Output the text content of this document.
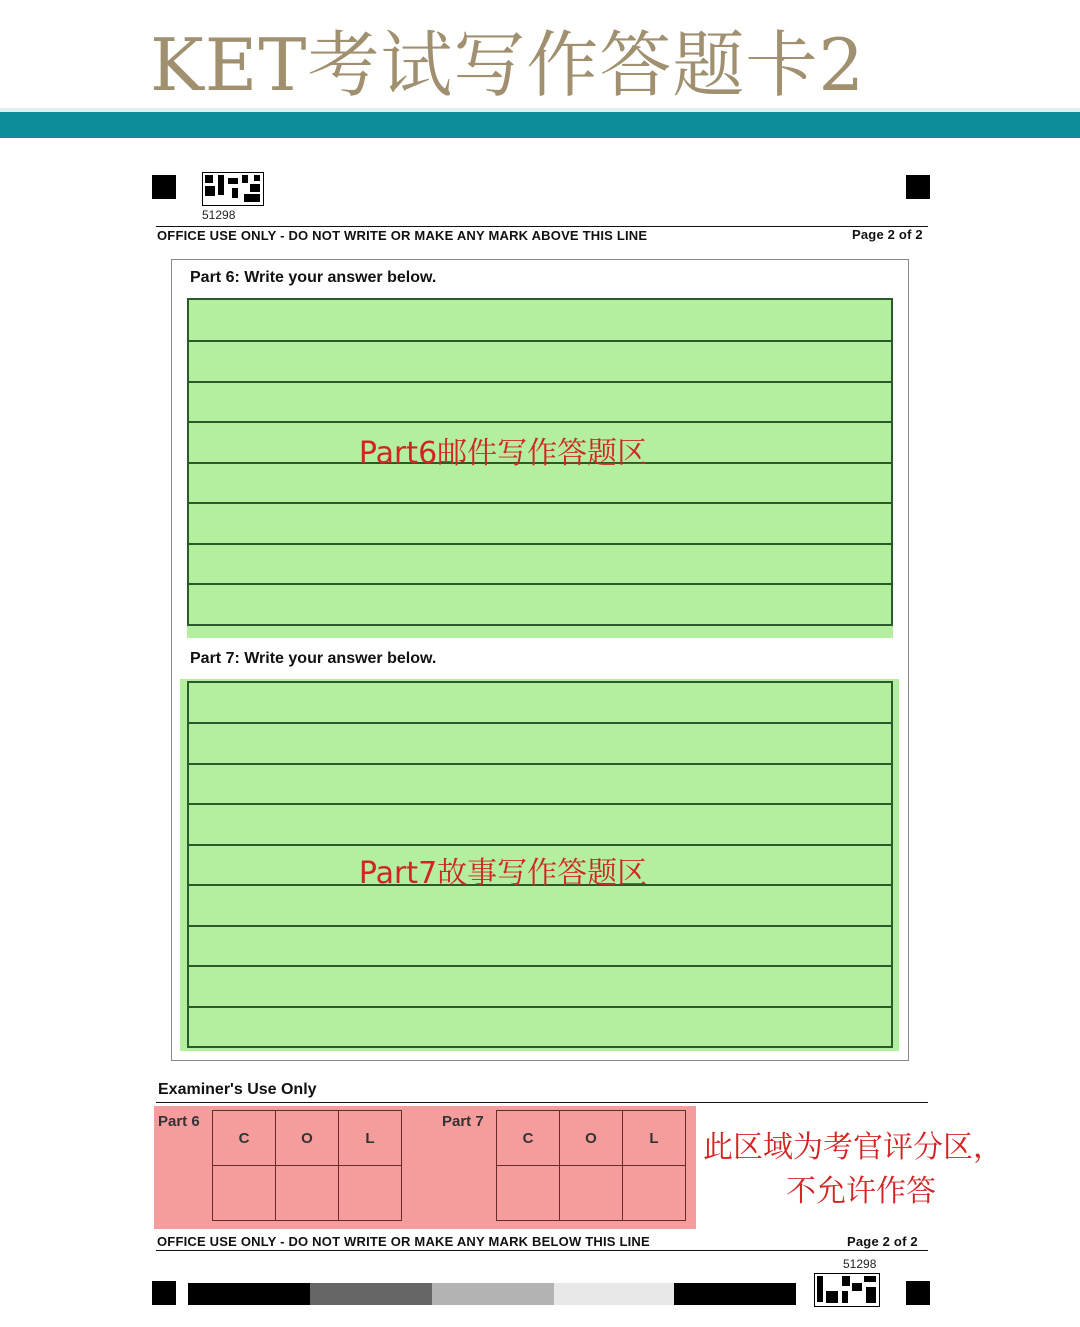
KET考试写作答题卡2
51298
OFFICE USE ONLY - DO NOT WRITE OR MAKE ANY MARK ABOVE THIS LINE	Page 2 of 2
Part 6: Write your answer below.
Part6邮件写作答题区
Part 7: Write your answer below.
Part7故事写作答题区
Examiner's Use Only
Part 6
C	O	L

Part 7
C	O	L
		此区域为考官评分区，
不允许作答
OFFICE USE ONLY - DO NOT WRITE OR MAKE ANY MARK BELOW THIS LINE	Page 2 of 2
51298
